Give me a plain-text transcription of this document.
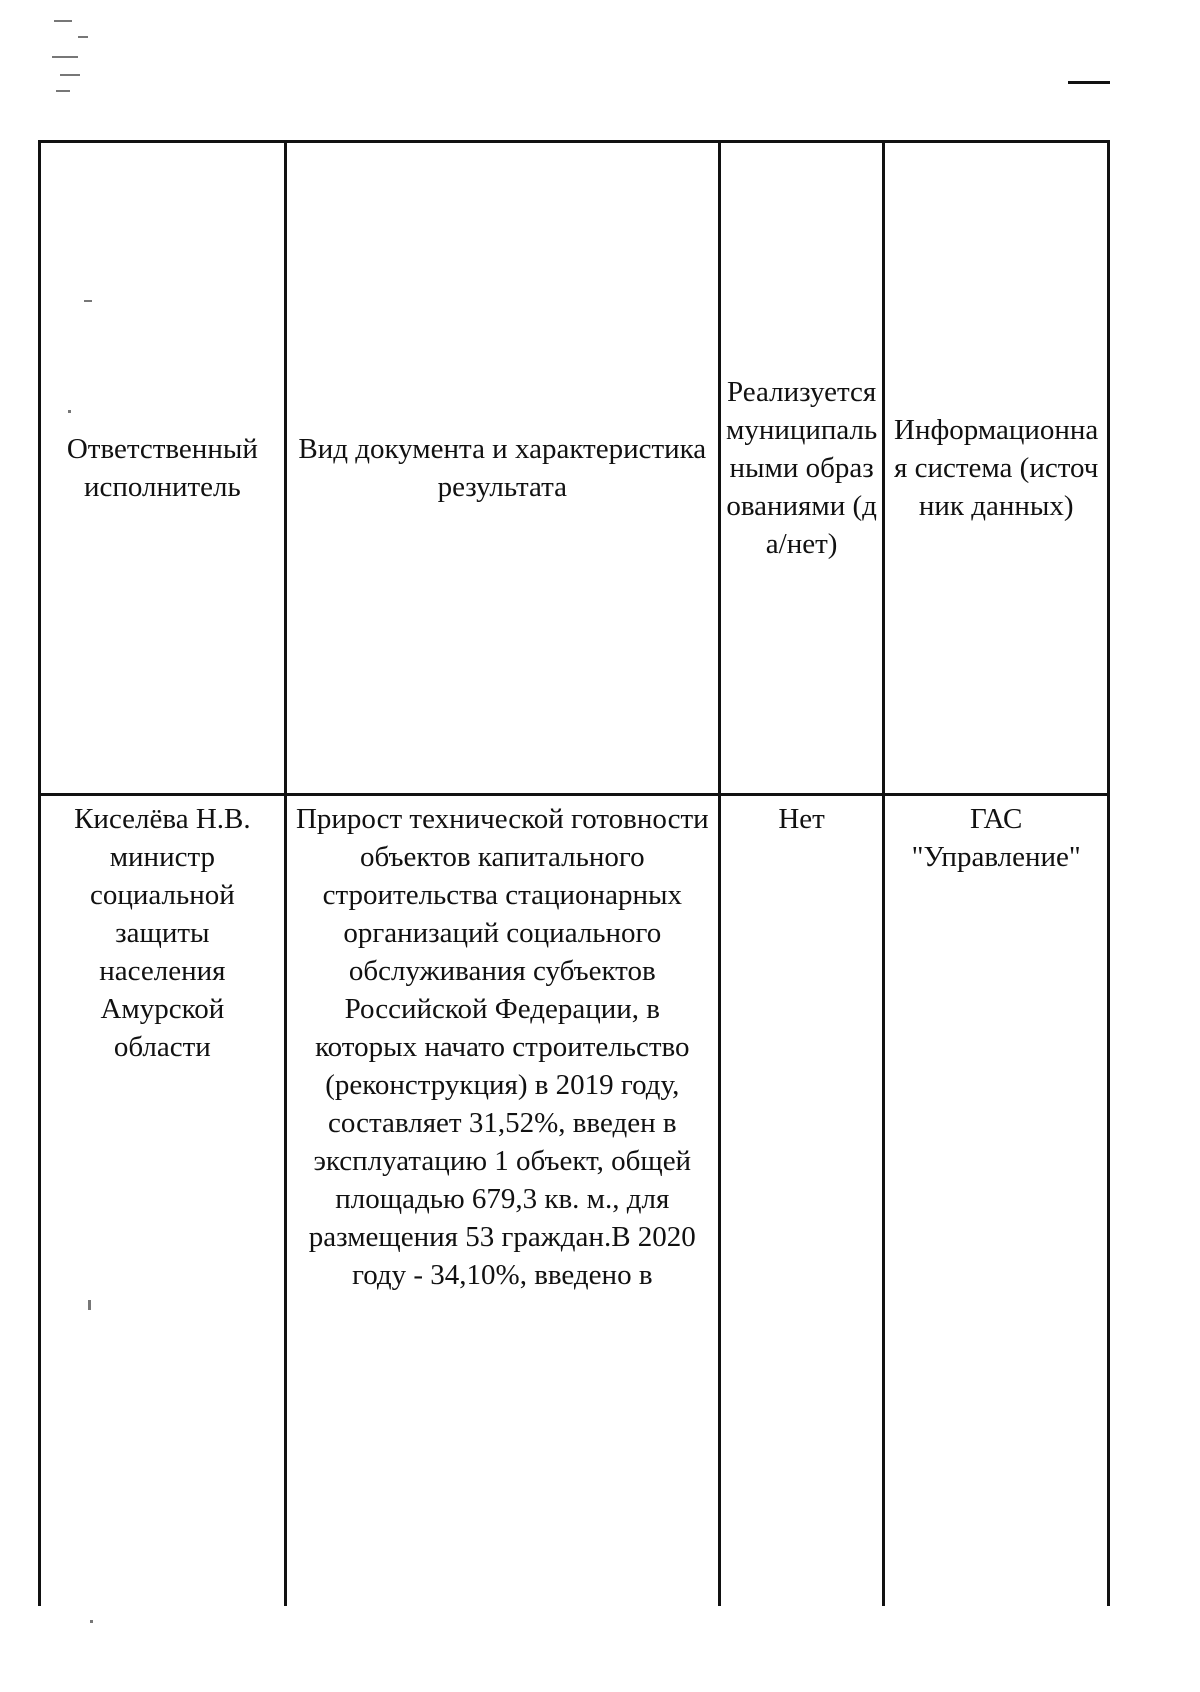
Ответственный исполнитель	Вид документа и характеристика результата	Реализуется муниципальными образованиями (да/нет)	Информационная система (источник данных)
Киселёва Н.В. министр социальной защиты населения Амурской области	Прирост технической готовности объектов капитального строительства стационарных организаций социального обслуживания субъектов Российской Федерации, в которых начато строительство (реконструкция) в 2019 году, составляет 31,52%, введен в эксплуатацию 1 объект, общей площадью 679,3 кв. м., для размещения 53 граждан.В 2020 году - 34,10%, введено в	Нет	ГАС "Управление"
